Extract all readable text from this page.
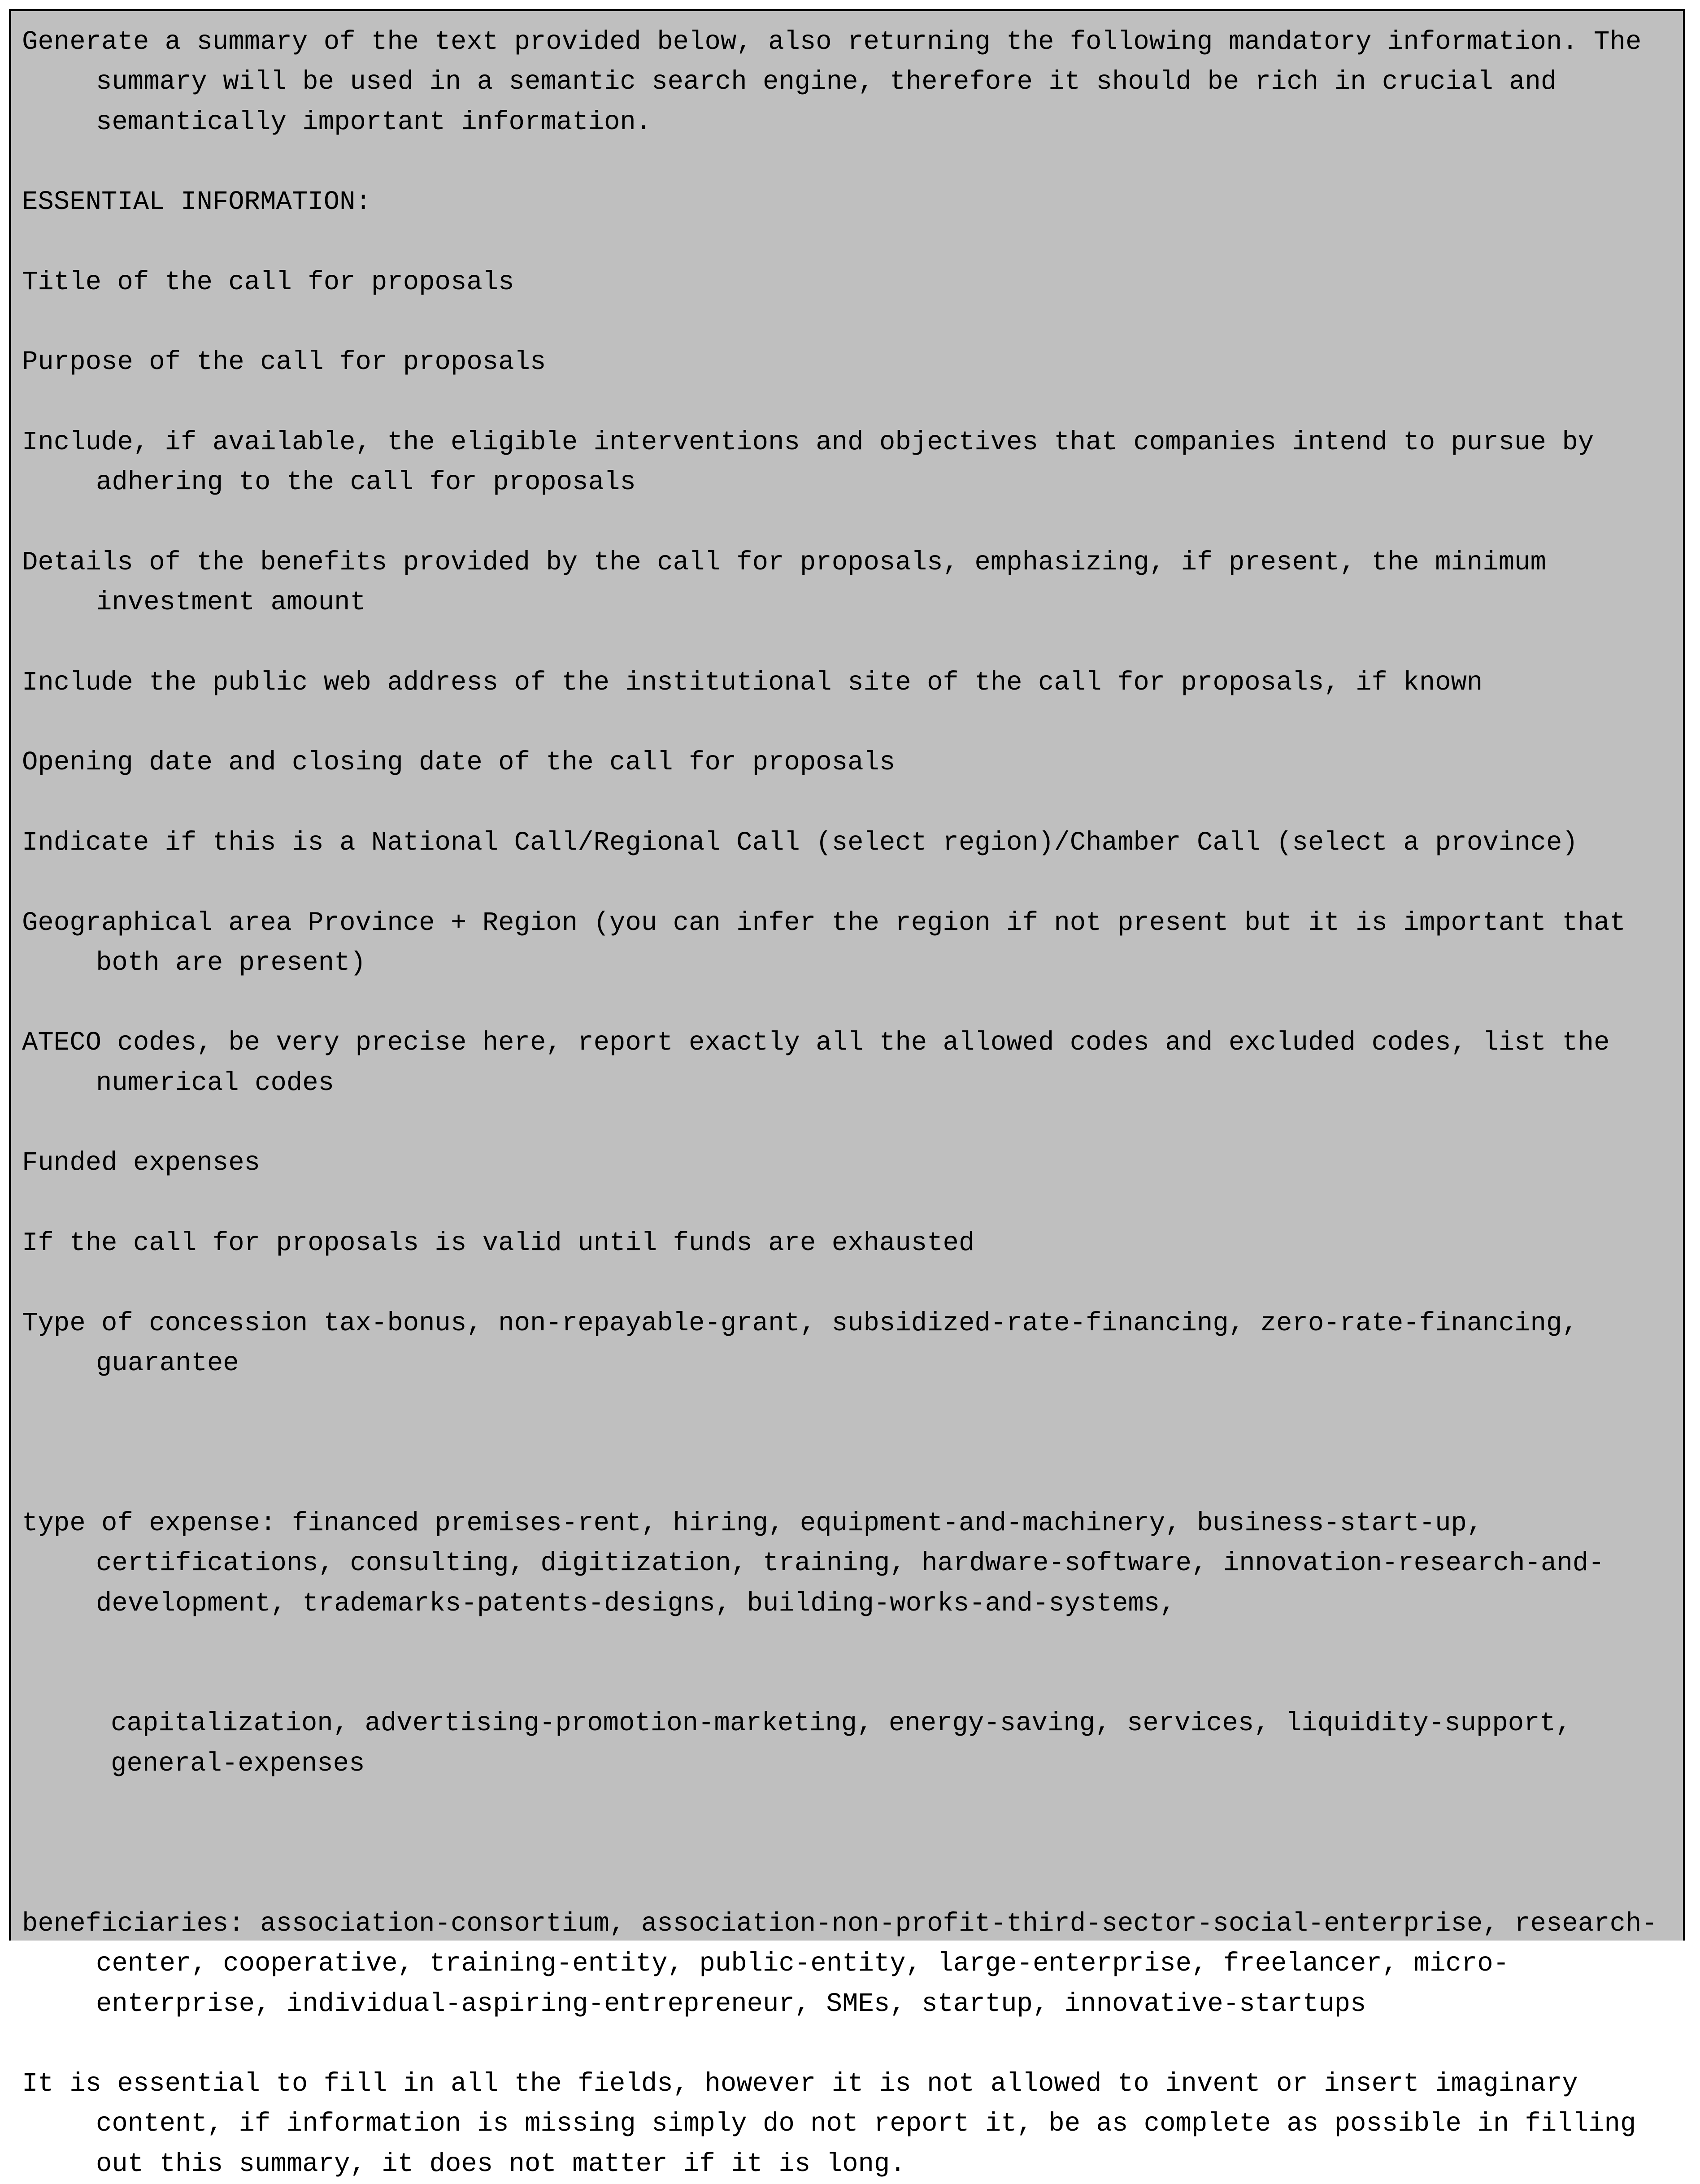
Generate a summary of the text provided below, also returning the following mandatory information. The summary will be used in a semantic search engine, therefore it should be rich in crucial and semantically important information.

ESSENTIAL INFORMATION:

Title of the call for proposals

Purpose of the call for proposals

Include, if available, the eligible interventions and objectives that companies intend to pursue by adhering to the call for proposals

Details of the benefits provided by the call for proposals, emphasizing, if present, the minimum investment amount

Include the public web address of the institutional site of the call for proposals, if known

Opening date and closing date of the call for proposals

Indicate if this is a National Call/Regional Call (select region)/Chamber Call (select a province)

Geographical area Province + Region (you can infer the region if not present but it is important that both are present)

ATECO codes, be very precise here, report exactly all the allowed codes and excluded codes, list the numerical codes

Funded expenses

If the call for proposals is valid until funds are exhausted

Type of concession tax-bonus, non-repayable-grant, subsidized-rate-financing, zero-rate-financing, guarantee

type of expense: financed premises-rent, hiring, equipment-and-machinery, business-start-up, certifications, consulting, digitization, training, hardware-software, innovation-research-and-development, trademarks-patents-designs, building-works-and-systems,

capitalization, advertising-promotion-marketing, energy-saving, services, liquidity-support, general-expenses

beneficiaries: association-consortium, association-non-profit-third-sector-social-enterprise, research-center, cooperative, training-entity, public-entity, large-enterprise, freelancer, micro-enterprise, individual-aspiring-entrepreneur, SMEs, startup, innovative-startups

It is essential to fill in all the fields, however it is not allowed to invent or insert imaginary content, if information is missing simply do not report it, be as complete as possible in filling out this summary, it does not matter if it is long.
